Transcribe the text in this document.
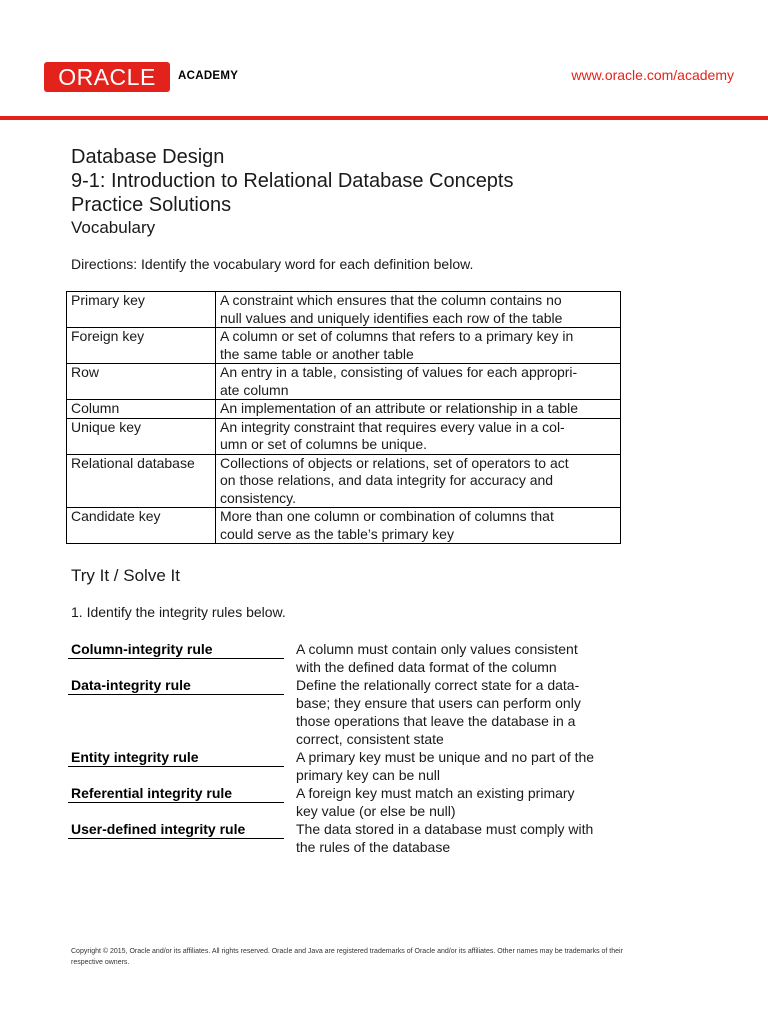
ORACLE ACADEMY	www.oracle.com/academy
Database Design
9-1: Introduction to Relational Database Concepts
Practice Solutions
Vocabulary
Directions: Identify the vocabulary word for each definition below.
Primary key	A constraint which ensures that the column contains no
null values and uniquely identifies each row of the table

Foreign key	A column or set of columns that refers to a primary key in
the same table or another table

Row	An entry in a table, consisting of values for each appropri-
ate column

Column	An implementation of an attribute or relationship in a table

Unique key	An integrity constraint that requires every value in a col-
umn or set of columns be unique.

Relational database	Collections of objects or relations, set of operators to act
on those relations, and data integrity for accuracy and
consistency.

Candidate key	More than one column or combination of columns that
could serve as the table’s primary key
Try It / Solve It
1. Identify the integrity rules below.
Column-integrity rule	A column must contain only values consistent
with the defined data format of the column
Data-integrity rule	Define the relationally correct state for a data-
base; they ensure that users can perform only
those operations that leave the database in a
correct, consistent state
Entity integrity rule	A primary key must be unique and no part of the
primary key can be null
Referential integrity rule	A foreign key must match an existing primary
key value (or else be null)
User-defined integrity rule	The data stored in a database must comply with
the rules of the database
Copyright © 2015, Oracle and/or its affiliates. All rights reserved. Oracle and Java are registered trademarks of Oracle and/or its affiliates. Other names may be trademarks of their
respective owners.
